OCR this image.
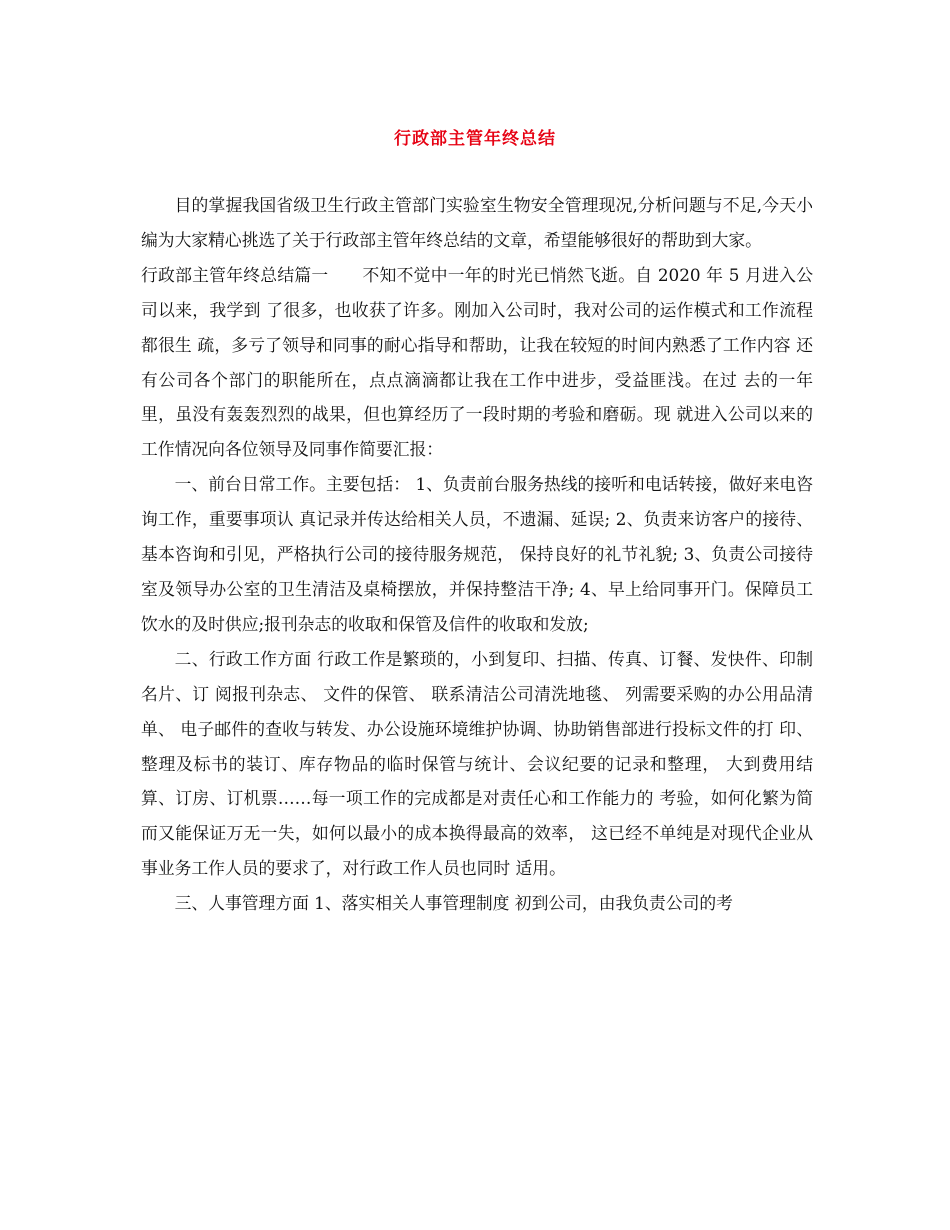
行政部主管年终总结

目的掌握我国省级卫生行政主管部门实验室生物安全管理现况,分析问题与不足,今天小编为大家精心挑选了关于行政部主管年终总结的文章，希望能够很好的帮助到大家。

行政部主管年终总结篇一　　不知不觉中一年的时光已悄然飞逝。自 2020 年 5 月进入公司以来，我学到 了很多，也收获了许多。刚加入公司时，我对公司的运作模式和工作流程都很生 疏，多亏了领导和同事的耐心指导和帮助，让我在较短的时间内熟悉了工作内容 还有公司各个部门的职能所在，点点滴滴都让我在工作中进步，受益匪浅。在过 去的一年里，虽没有轰轰烈烈的战果，但也算经历了一段时期的考验和磨砺。现 就进入公司以来的工作情况向各位领导及同事作简要汇报：

一、前台日常工作。主要包括： 1、负责前台服务热线的接听和电话转接，做好来电咨询工作，重要事项认 真记录并传达给相关人员，不遗漏、延误; 2、负责来访客户的接待、基本咨询和引见，严格执行公司的接待服务规范， 保持良好的礼节礼貌; 3、负责公司接待室及领导办公室的卫生清洁及桌椅摆放，并保持整洁干净; 4、早上给同事开门。保障员工饮水的及时供应;报刊杂志的收取和保管及信件的收取和发放;

二、行政工作方面 行政工作是繁琐的，小到复印、扫描、传真、订餐、发快件、印制名片、订 阅报刊杂志、 文件的保管、 联系清洁公司清洗地毯、 列需要采购的办公用品清单、 电子邮件的查收与转发、办公设施环境维护协调、协助销售部进行投标文件的打 印、整理及标书的装订、库存物品的临时保管与统计、会议纪要的记录和整理， 大到费用结算、订房、订机票……每一项工作的完成都是对责任心和工作能力的 考验，如何化繁为简而又能保证万无一失，如何以最小的成本换得最高的效率， 这已经不单纯是对现代企业从事业务工作人员的要求了，对行政工作人员也同时 适用。

三、人事管理方面 1、落实相关人事管理制度 初到公司，由我负责公司的考
